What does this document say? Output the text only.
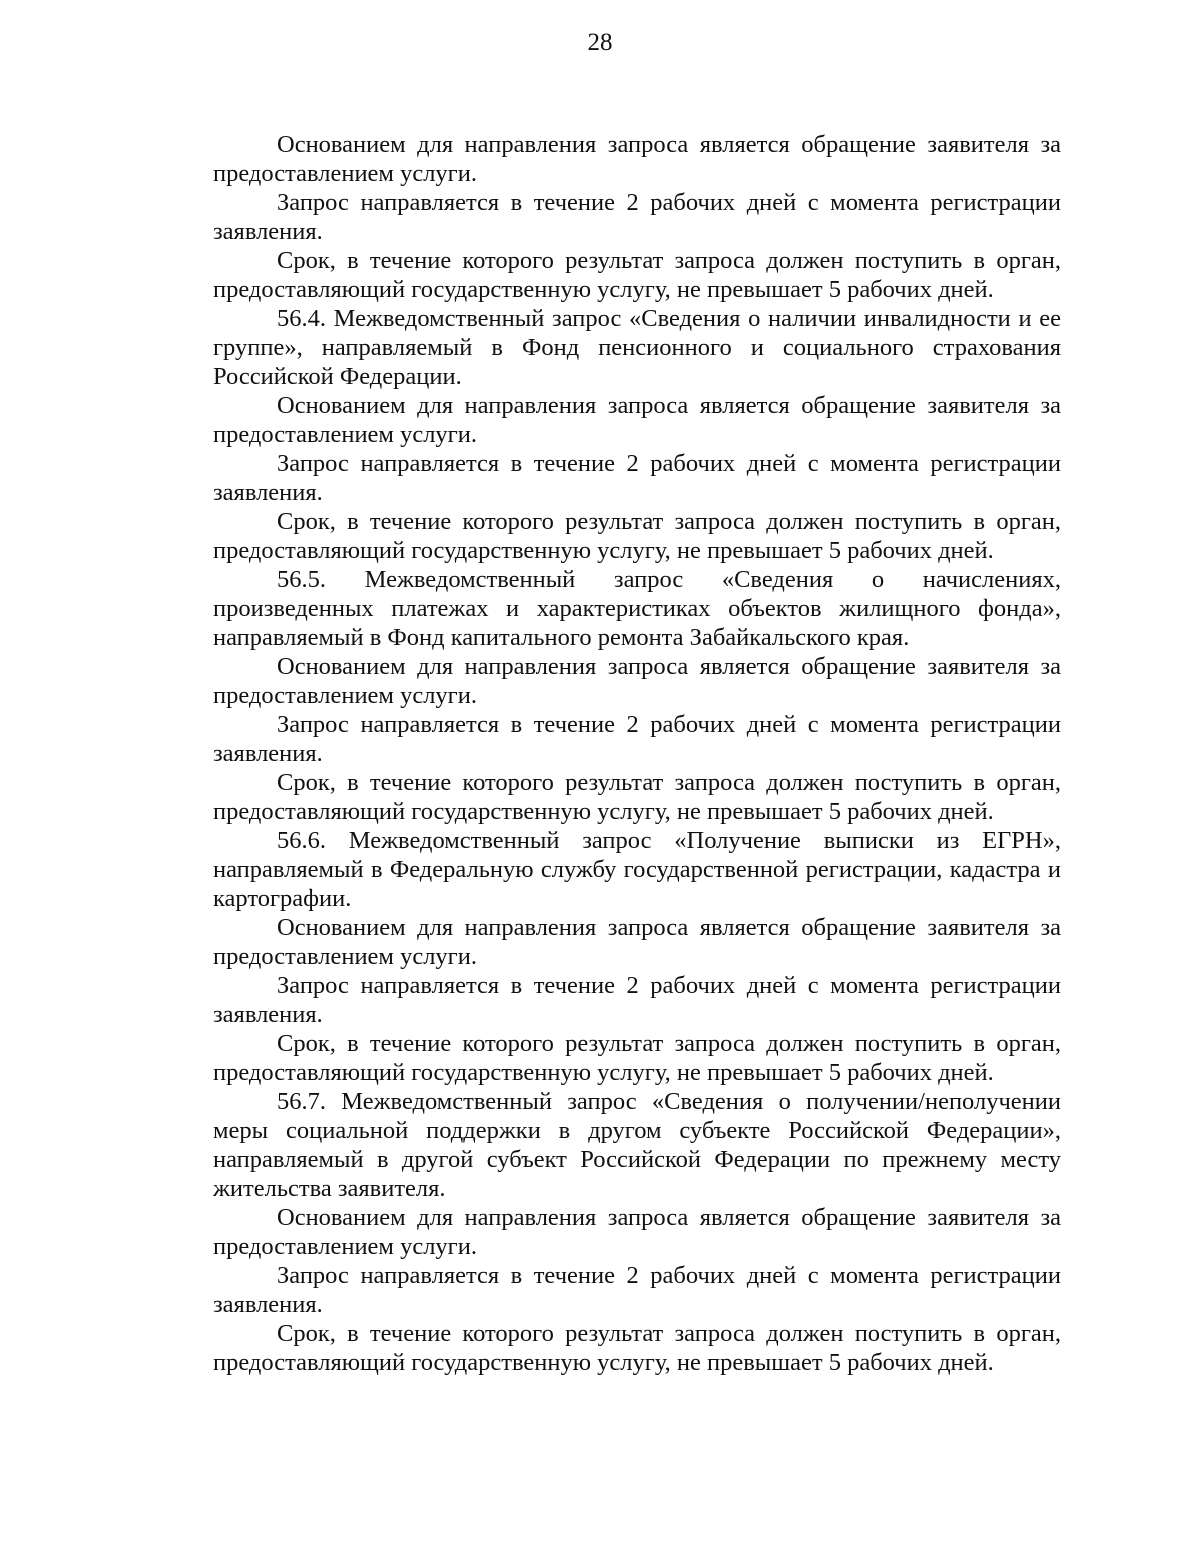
28

Основанием для направления запроса является обращение заявителя за предоставлением услуги.

Запрос направляется в течение 2 рабочих дней с момента регистрации заявления.

Срок, в течение которого результат запроса должен поступить в орган, предоставляющий государственную услугу, не превышает 5 рабочих дней.

56.4. Межведомственный запрос «Сведения о наличии инвалидности и ее группе», направляемый в Фонд пенсионного и социального страхования Российской Федерации.

Основанием для направления запроса является обращение заявителя за предоставлением услуги.

Запрос направляется в течение 2 рабочих дней с момента регистрации заявления.

Срок, в течение которого результат запроса должен поступить в орган, предоставляющий государственную услугу, не превышает 5 рабочих дней.

56.5. Межведомственный запрос «Сведения о начислениях, произведенных платежах и характеристиках объектов жилищного фонда», направляемый в Фонд капитального ремонта Забайкальского края.

Основанием для направления запроса является обращение заявителя за предоставлением услуги.

Запрос направляется в течение 2 рабочих дней с момента регистрации заявления.

Срок, в течение которого результат запроса должен поступить в орган, предоставляющий государственную услугу, не превышает 5 рабочих дней.

56.6. Межведомственный запрос «Получение выписки из ЕГРН», направляемый в Федеральную службу государственной регистрации, кадастра и картографии.

Основанием для направления запроса является обращение заявителя за предоставлением услуги.

Запрос направляется в течение 2 рабочих дней с момента регистрации заявления.

Срок, в течение которого результат запроса должен поступить в орган, предоставляющий государственную услугу, не превышает 5 рабочих дней.

56.7. Межведомственный запрос «Сведения о получении/неполучении меры социальной поддержки в другом субъекте Российской Федерации», направляемый в другой субъект Российской Федерации по прежнему месту жительства заявителя.

Основанием для направления запроса является обращение заявителя за предоставлением услуги.

Запрос направляется в течение 2 рабочих дней с момента регистрации заявления.

Срок, в течение которого результат запроса должен поступить в орган, предоставляющий государственную услугу, не превышает 5 рабочих дней.
